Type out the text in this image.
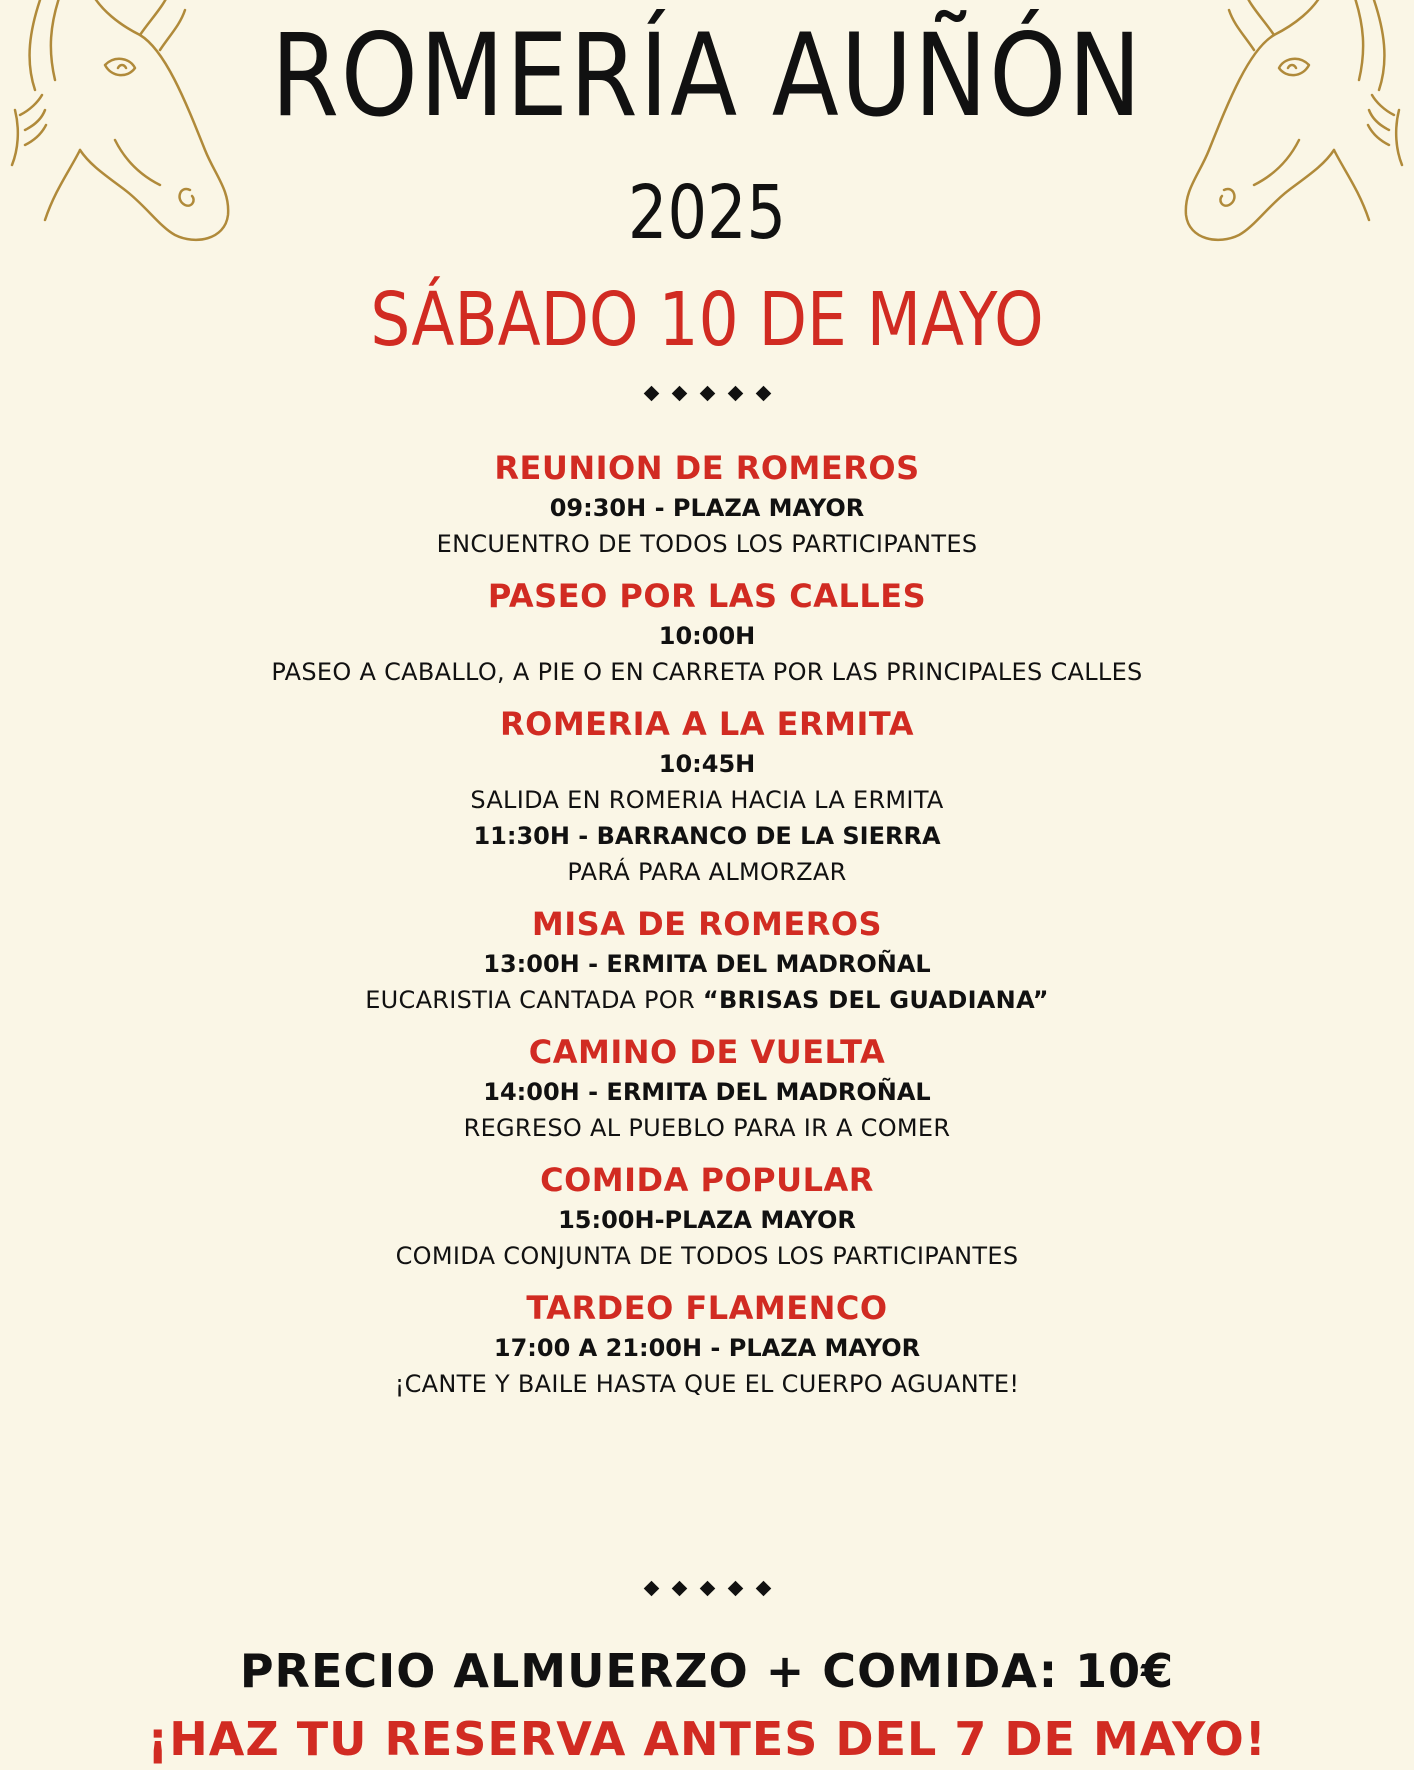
ROMERÍA AUÑÓN
2025
SÁBADO 10 DE MAYO
REUNION DE ROMEROS
09:30H - PLAZA MAYOR
ENCUENTRO DE TODOS LOS PARTICIPANTES
PASEO POR LAS CALLES
10:00H
PASEO A CABALLO, A PIE O EN CARRETA POR LAS PRINCIPALES CALLES
ROMERIA A LA ERMITA
10:45H
SALIDA EN ROMERIA HACIA LA ERMITA
11:30H - BARRANCO DE LA SIERRA
PARÁ PARA ALMORZAR
MISA DE ROMEROS
13:00H - ERMITA DEL MADROÑAL
EUCARISTIA CANTADA POR “BRISAS DEL GUADIANA”
CAMINO DE VUELTA
14:00H - ERMITA DEL MADROÑAL
REGRESO AL PUEBLO PARA IR A COMER
COMIDA POPULAR
15:00H-PLAZA MAYOR
COMIDA CONJUNTA DE TODOS LOS PARTICIPANTES
TARDEO FLAMENCO
17:00 A 21:00H - PLAZA MAYOR
¡CANTE Y BAILE HASTA QUE EL CUERPO AGUANTE!
PRECIO ALMUERZO + COMIDA: 10€
¡HAZ TU RESERVA ANTES DEL 7 DE MAYO!
